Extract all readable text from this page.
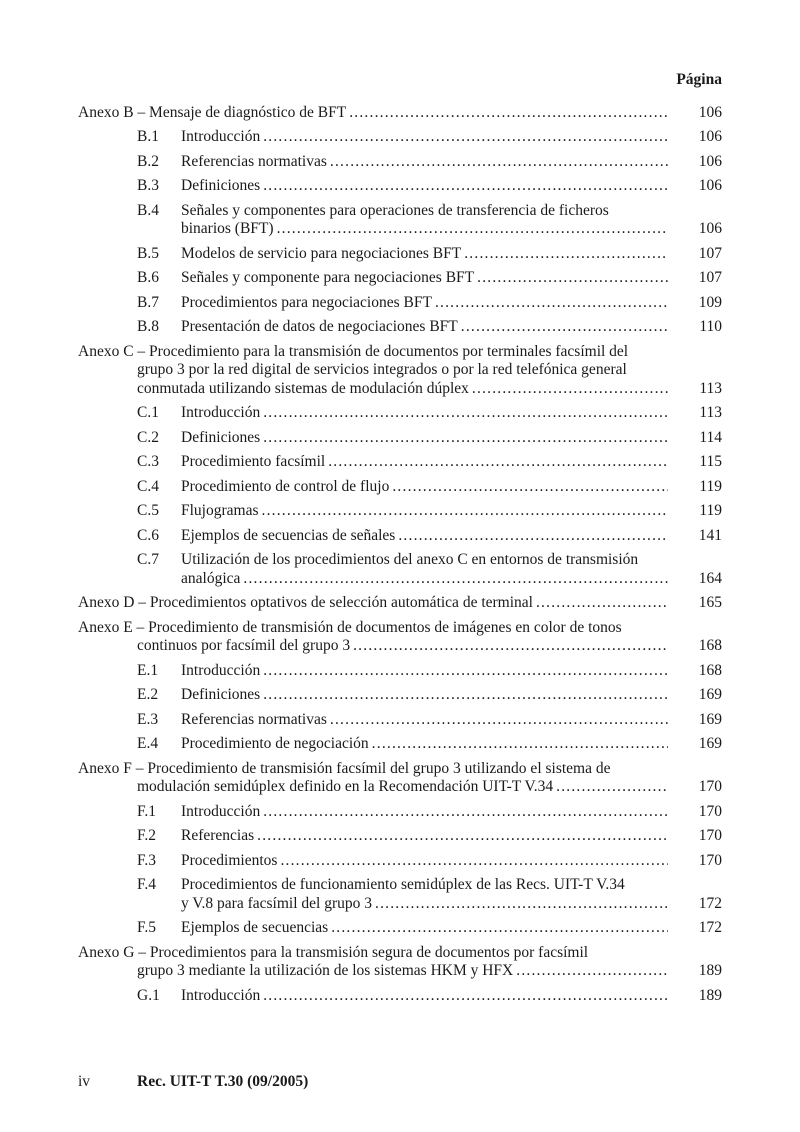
Página
Anexo B – Mensaje de diagnóstico de BFT .....	106
B.1	Introducción .....	106
B.2	Referencias normativas .....	106
B.3	Definiciones .....	106
B.4	Señales y componentes para operaciones de transferencia de ficheros
binarios (BFT) .....	106
B.5	Modelos de servicio para negociaciones BFT .....	107
B.6	Señales y componente para negociaciones BFT .....	107
B.7	Procedimientos para negociaciones BFT .....	109
B.8	Presentación de datos de negociaciones BFT .....	110
Anexo C – Procedimiento para la transmisión de documentos por terminales facsímil del
grupo 3 por la red digital de servicios integrados o por la red telefónica general
conmutada utilizando sistemas de modulación dúplex .....	113
C.1	Introducción .....	113
C.2	Definiciones .....	114
C.3	Procedimiento facsímil .....	115
C.4	Procedimiento de control de flujo .....	119
C.5	Flujogramas .....	119
C.6	Ejemplos de secuencias de señales .....	141
C.7	Utilización de los procedimientos del anexo C en entornos de transmisión
analógica .....	164
Anexo D – Procedimientos optativos de selección automática de terminal .....	165
Anexo E – Procedimiento de transmisión de documentos de imágenes en color de tonos
continuos por facsímil del grupo 3 .....	168
E.1	Introducción .....	168
E.2	Definiciones .....	169
E.3	Referencias normativas .....	169
E.4	Procedimiento de negociación .....	169
Anexo F – Procedimiento de transmisión facsímil del grupo 3 utilizando el sistema de
modulación semidúplex definido en la Recomendación UIT-T V.34 .....	170
F.1	Introducción .....	170
F.2	Referencias .....	170
F.3	Procedimientos .....	170
F.4	Procedimientos de funcionamiento semidúplex de las Recs. UIT-T V.34
y V.8 para facsímil del grupo 3 .....	172
F.5	Ejemplos de secuencias .....	172
Anexo G – Procedimientos para la transmisión segura de documentos por facsímil
grupo 3 mediante la utilización de los sistemas HKM y HFX .....	189
G.1	Introducción .....	189
iv	Rec. UIT-T T.30 (09/2005)
